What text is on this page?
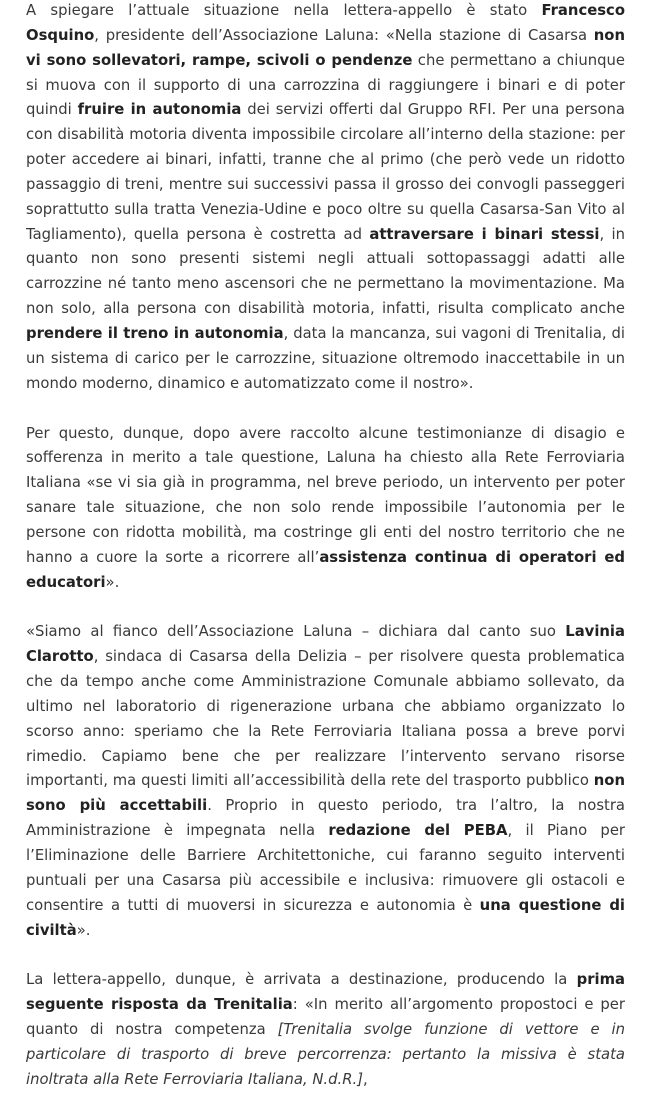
A spiegare l’attuale situazione nella lettera-appello è stato Francesco Osquino, presidente dell’Associazione Laluna: «Nella stazione di Casarsa non vi sono sollevatori, rampe, scivoli o pendenze che permettano a chiunque si muova con il supporto di una carrozzina di raggiungere i binari e di poter quindi fruire in autonomia dei servizi offerti dal Gruppo RFI. Per una persona con disabilità motoria diventa impossibile circolare all’interno della stazione: per poter accedere ai binari, infatti, tranne che al primo (che però vede un ridotto passaggio di treni, mentre sui successivi passa il grosso dei convogli passeggeri soprattutto sulla tratta Venezia-Udine e poco oltre su quella Casarsa-San Vito al Tagliamento), quella persona è costretta ad attraversare i binari stessi, in quanto non sono presenti sistemi negli attuali sottopassaggi adatti alle carrozzine né tanto meno ascensori che ne permettano la movimentazione. Ma non solo, alla persona con disabilità motoria, infatti, risulta complicato anche prendere il treno in autonomia, data la mancanza, sui vagoni di Trenitalia, di un sistema di carico per le carrozzine, situazione oltremodo inaccettabile in un mondo moderno, dinamico e automatizzato come il nostro».

Per questo, dunque, dopo avere raccolto alcune testimonianze di disagio e sofferenza in merito a tale questione, Laluna ha chiesto alla Rete Ferroviaria Italiana «se vi sia già in programma, nel breve periodo, un intervento per poter sanare tale situazione, che non solo rende impossibile l’autonomia per le persone con ridotta mobilità, ma costringe gli enti del nostro territorio che ne hanno a cuore la sorte a ricorrere all’assistenza continua di operatori ed educatori».

«Siamo al fianco dell’Associazione Laluna – dichiara dal canto suo Lavinia Clarotto, sindaca di Casarsa della Delizia – per risolvere questa problematica che da tempo anche come Amministrazione Comunale abbiamo sollevato, da ultimo nel laboratorio di rigenerazione urbana che abbiamo organizzato lo scorso anno: speriamo che la Rete Ferroviaria Italiana possa a breve porvi rimedio. Capiamo bene che per realizzare l’intervento servano risorse importanti, ma questi limiti all’accessibilità della rete del trasporto pubblico non sono più accettabili. Proprio in questo periodo, tra l’altro, la nostra Amministrazione è impegnata nella redazione del PEBA, il Piano per l’Eliminazione delle Barriere Architettoniche, cui faranno seguito interventi puntuali per una Casarsa più accessibile e inclusiva: rimuovere gli ostacoli e consentire a tutti di muoversi in sicurezza e autonomia è una questione di civiltà».

La lettera-appello, dunque, è arrivata a destinazione, producendo la prima seguente risposta da Trenitalia: «In merito all’argomento propostoci e per quanto di nostra competenza [Trenitalia svolge funzione di vettore e in particolare di trasporto di breve percorrenza: pertanto la missiva è stata inoltrata alla Rete Ferroviaria Italiana, N.d.R.],
